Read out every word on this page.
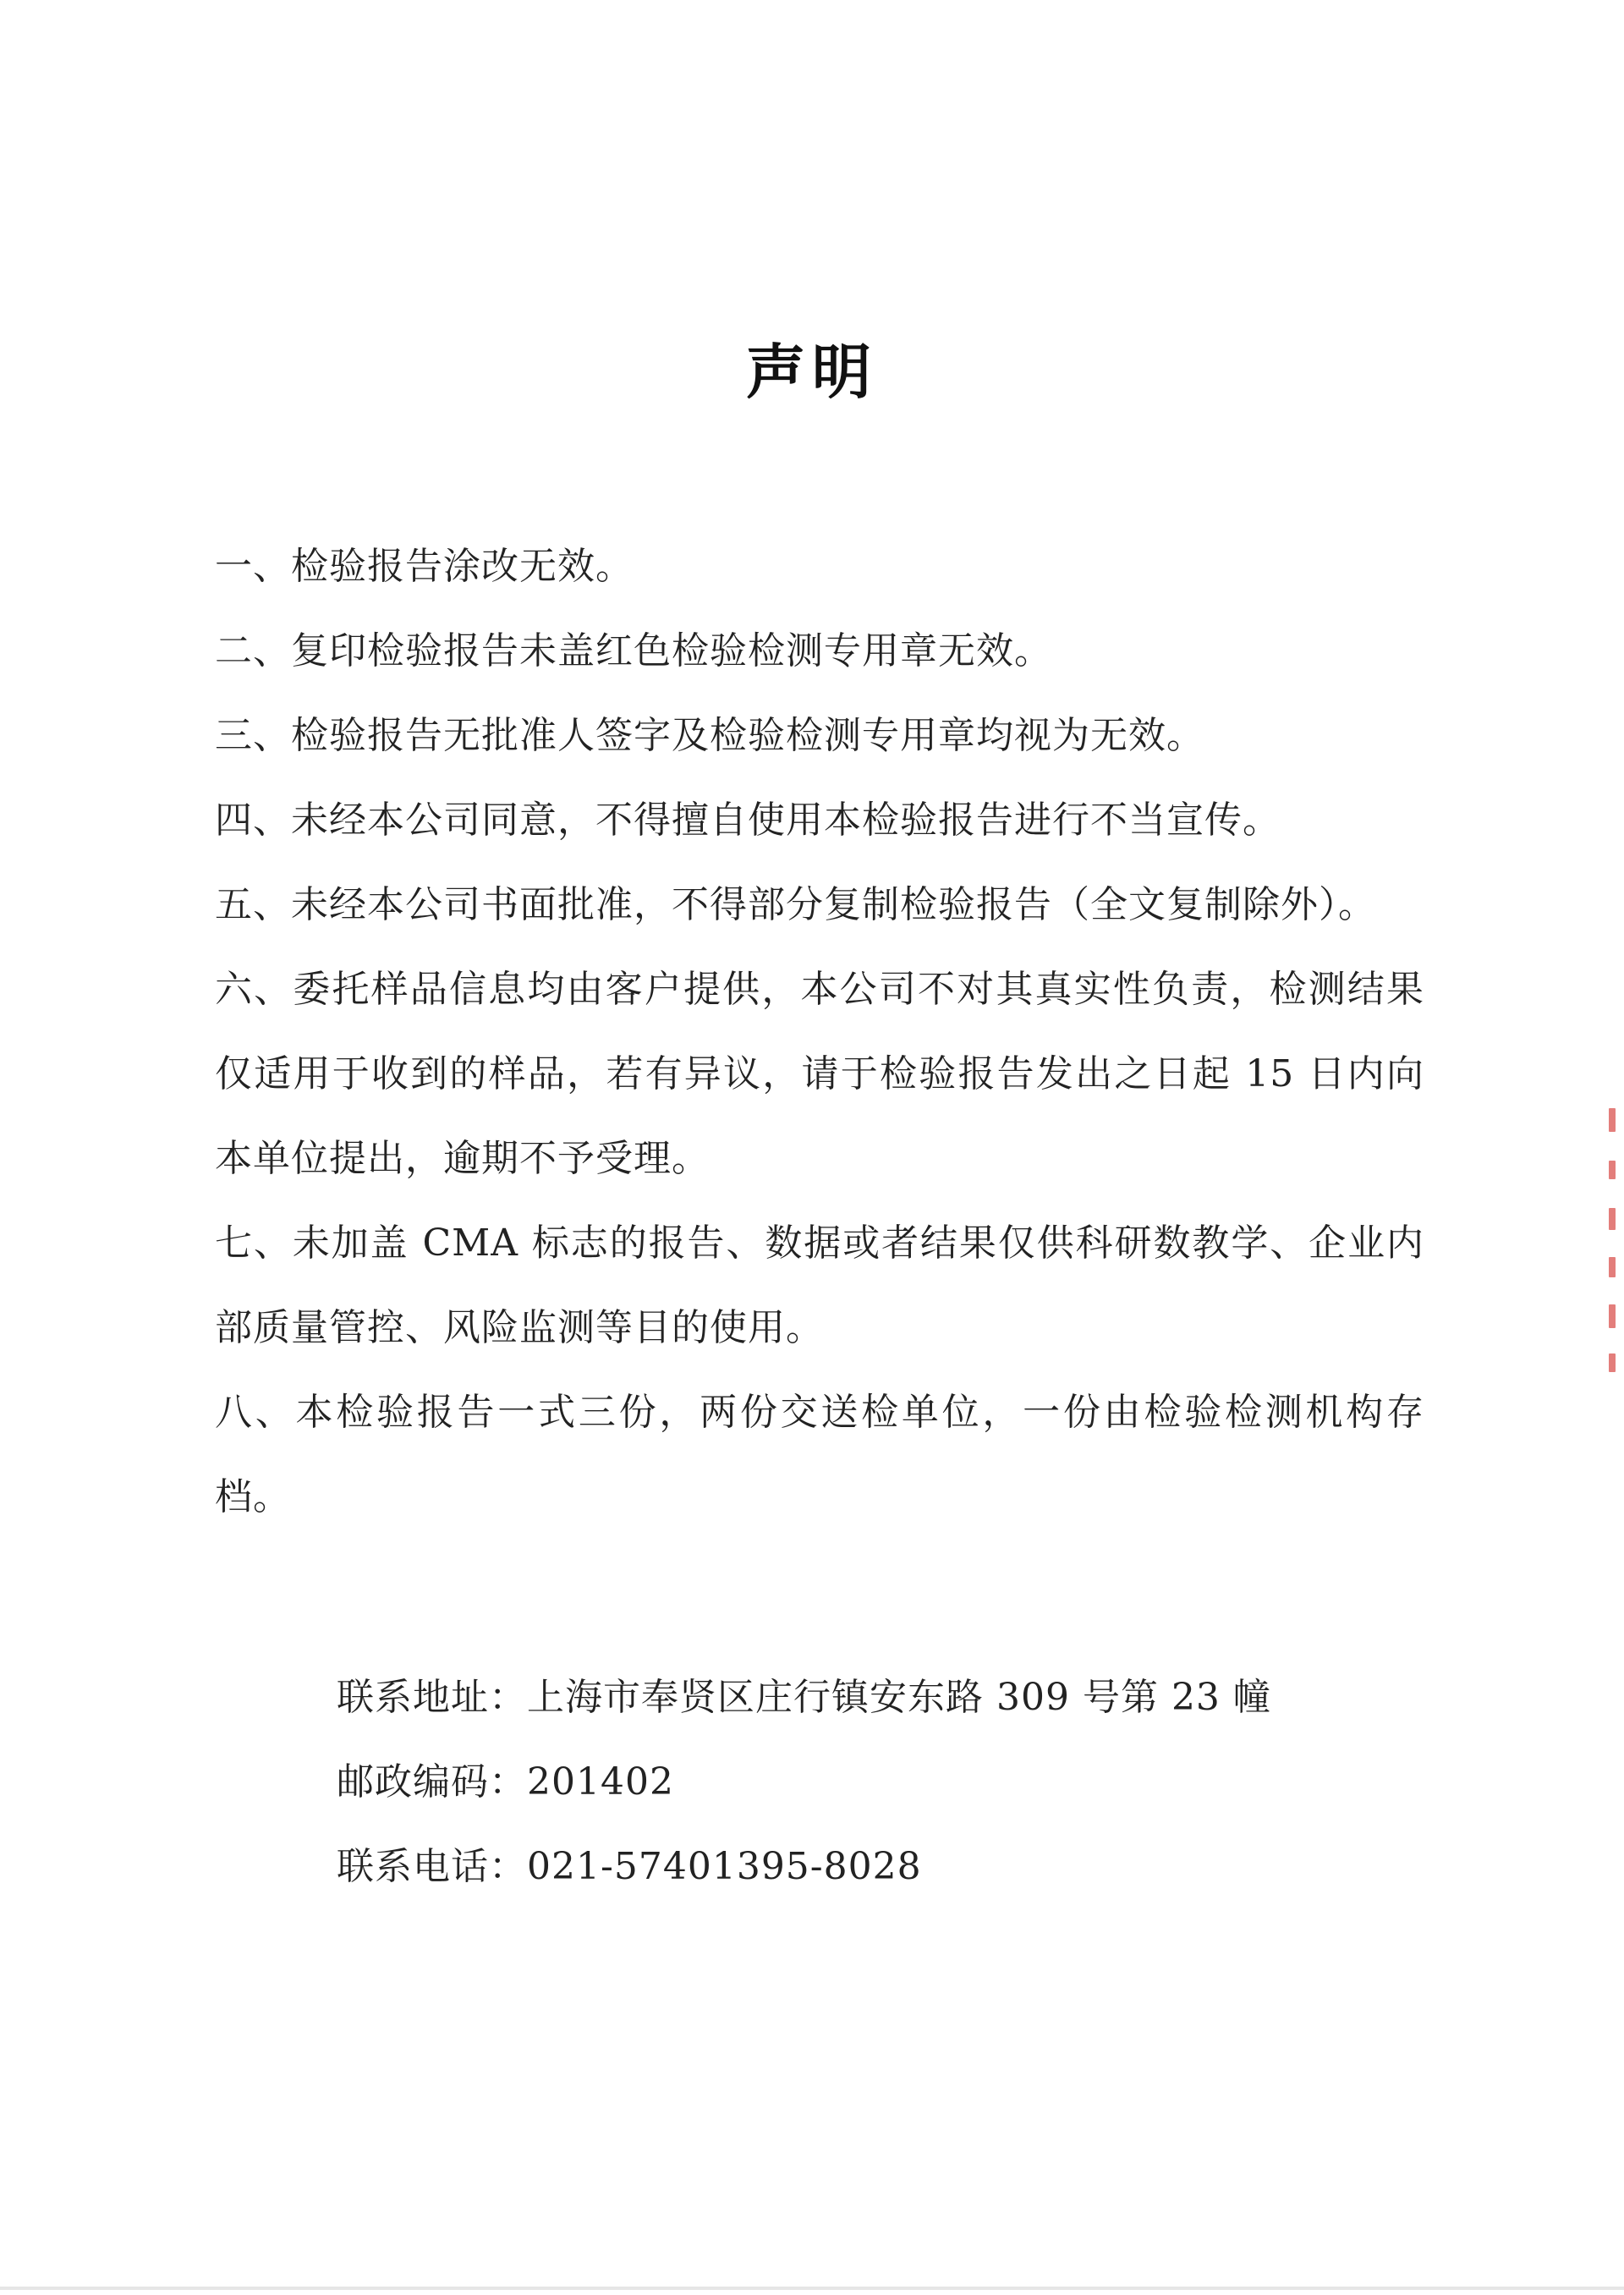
声明

一、检验报告涂改无效。

二、复印检验报告未盖红色检验检测专用章无效。

三、检验报告无批准人签字及检验检测专用章均视为无效。

四、未经本公司同意，不得擅自使用本检验报告进行不当宣传。

五、未经本公司书面批准，不得部分复制检验报告（全文复制除外）。

六、委托样品信息均由客户提供，本公司不对其真实性负责，检测结果仅适用于收到的样品，若有异议，请于检验报告发出之日起 15 日内向本单位提出，逾期不予受理。

七、未加盖 CMA 标志的报告、数据或者结果仅供科研数教学、企业内部质量管控、风险监测等目的使用。

八、本检验报告一式三份，两份交送检单位，一份由检验检测机构存档。

联系地址：上海市奉贤区庄行镇安东路 309 号第 23 幢

邮政编码：201402

联系电话：021-57401395-8028
